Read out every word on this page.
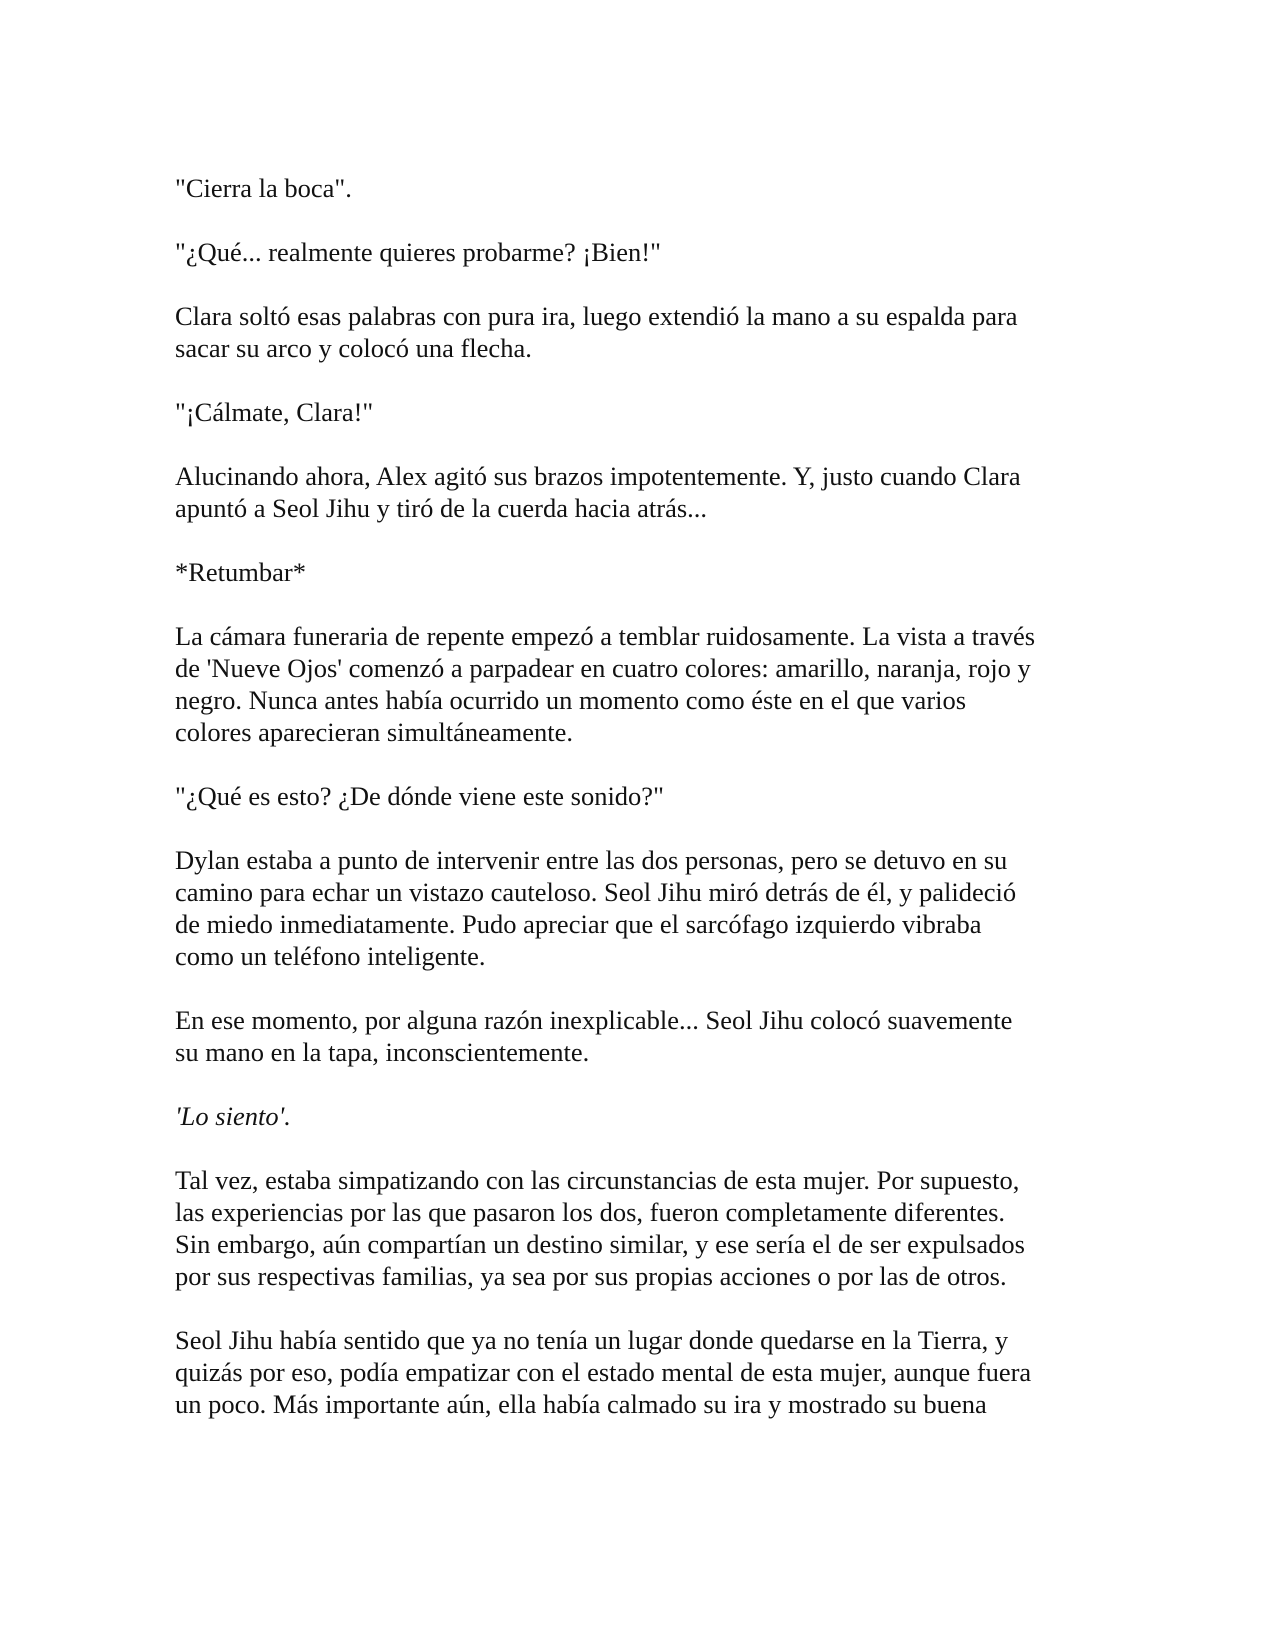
"Cierra la boca".

"¿Qué... realmente quieres probarme? ¡Bien!"

Clara soltó esas palabras con pura ira, luego extendió la mano a su espalda para
sacar su arco y colocó una flecha.

"¡Cálmate, Clara!"

Alucinando ahora, Alex agitó sus brazos impotentemente. Y, justo cuando Clara
apuntó a Seol Jihu y tiró de la cuerda hacia atrás...

*Retumbar*

La cámara funeraria de repente empezó a temblar ruidosamente. La vista a través
de 'Nueve Ojos' comenzó a parpadear en cuatro colores: amarillo, naranja, rojo y
negro. Nunca antes había ocurrido un momento como éste en el que varios
colores aparecieran simultáneamente.

"¿Qué es esto? ¿De dónde viene este sonido?"

Dylan estaba a punto de intervenir entre las dos personas, pero se detuvo en su
camino para echar un vistazo cauteloso. Seol Jihu miró detrás de él, y palideció
de miedo inmediatamente. Pudo apreciar que el sarcófago izquierdo vibraba
como un teléfono inteligente.

En ese momento, por alguna razón inexplicable... Seol Jihu colocó suavemente
su mano en la tapa, inconscientemente.

'Lo siento'.

Tal vez, estaba simpatizando con las circunstancias de esta mujer. Por supuesto,
las experiencias por las que pasaron los dos, fueron completamente diferentes.
Sin embargo, aún compartían un destino similar, y ese sería el de ser expulsados
por sus respectivas familias, ya sea por sus propias acciones o por las de otros.

Seol Jihu había sentido que ya no tenía un lugar donde quedarse en la Tierra, y
quizás por eso, podía empatizar con el estado mental de esta mujer, aunque fuera
un poco. Más importante aún, ella había calmado su ira y mostrado su buena
